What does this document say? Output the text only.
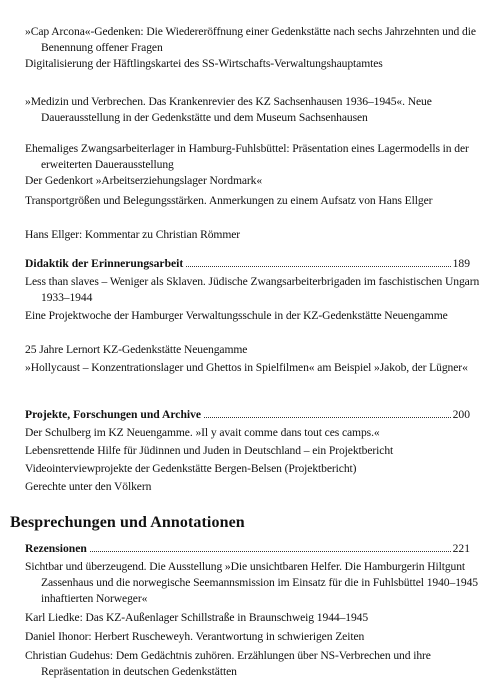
»Cap Arcona«-Gedenken: Die Wiedereröffnung einer Gedenkstätte nach sechs Jahrzehnten und die Benennung offener Fragen
Digitalisierung der Häftlingskartei des SS-Wirtschafts-Verwaltungshauptamtes
»Medizin und Verbrechen. Das Krankenrevier des KZ Sachsenhausen 1936–1945«. Neue Dauerausstellung in der Gedenkstätte und dem Museum Sachsenhausen
Ehemaliges Zwangsarbeiterlager in Hamburg-Fuhlsbüttel: Präsentation eines Lagermodells in der erweiterten Dauerausstellung
Der Gedenkort »Arbeitserziehungslager Nordmark«
Transportgrößen und Belegungsstärken. Anmerkungen zu einem Aufsatz von Hans Ellger
Hans Ellger: Kommentar zu Christian Römmer
Didaktik der Erinnerungsarbeit	189
Less than slaves – Weniger als Sklaven. Jüdische Zwangsarbeiterbrigaden im faschistischen Ungarn 1933–1944
Eine Projektwoche der Hamburger Verwaltungsschule in der KZ-Gedenkstätte Neuengamme
25 Jahre Lernort KZ-Gedenkstätte Neuengamme
»Hollycaust – Konzentrationslager und Ghettos in Spielfilmen« am Beispiel »Jakob, der Lügner«
Projekte, Forschungen und Archive	200
Der Schulberg im KZ Neuengamme. »Il y avait comme dans tout ces camps.«
Lebensrettende Hilfe für Jüdinnen und Juden in Deutschland – ein Projektbericht
Videointerviewprojekte der Gedenkstätte Bergen-Belsen (Projektbericht)
Gerechte unter den Völkern
Besprechungen und Annotationen
Rezensionen	221
Sichtbar und überzeugend. Die Ausstellung »Die unsichtbaren Helfer. Die Hamburgerin Hiltgunt Zassenhaus und die norwegische Seemannsmission im Einsatz für die in Fuhlsbüttel 1940–1945 inhaftierten Norweger«
Karl Liedke: Das KZ-Außenlager Schillstraße in Braunschweig 1944–1945
Daniel Ihonor: Herbert Ruscheweyh. Verantwortung in schwierigen Zeiten
Christian Gudehus: Dem Gedächtnis zuhören. Erzählungen über NS-Verbrechen und ihre Repräsentation in deutschen Gedenkstätten
